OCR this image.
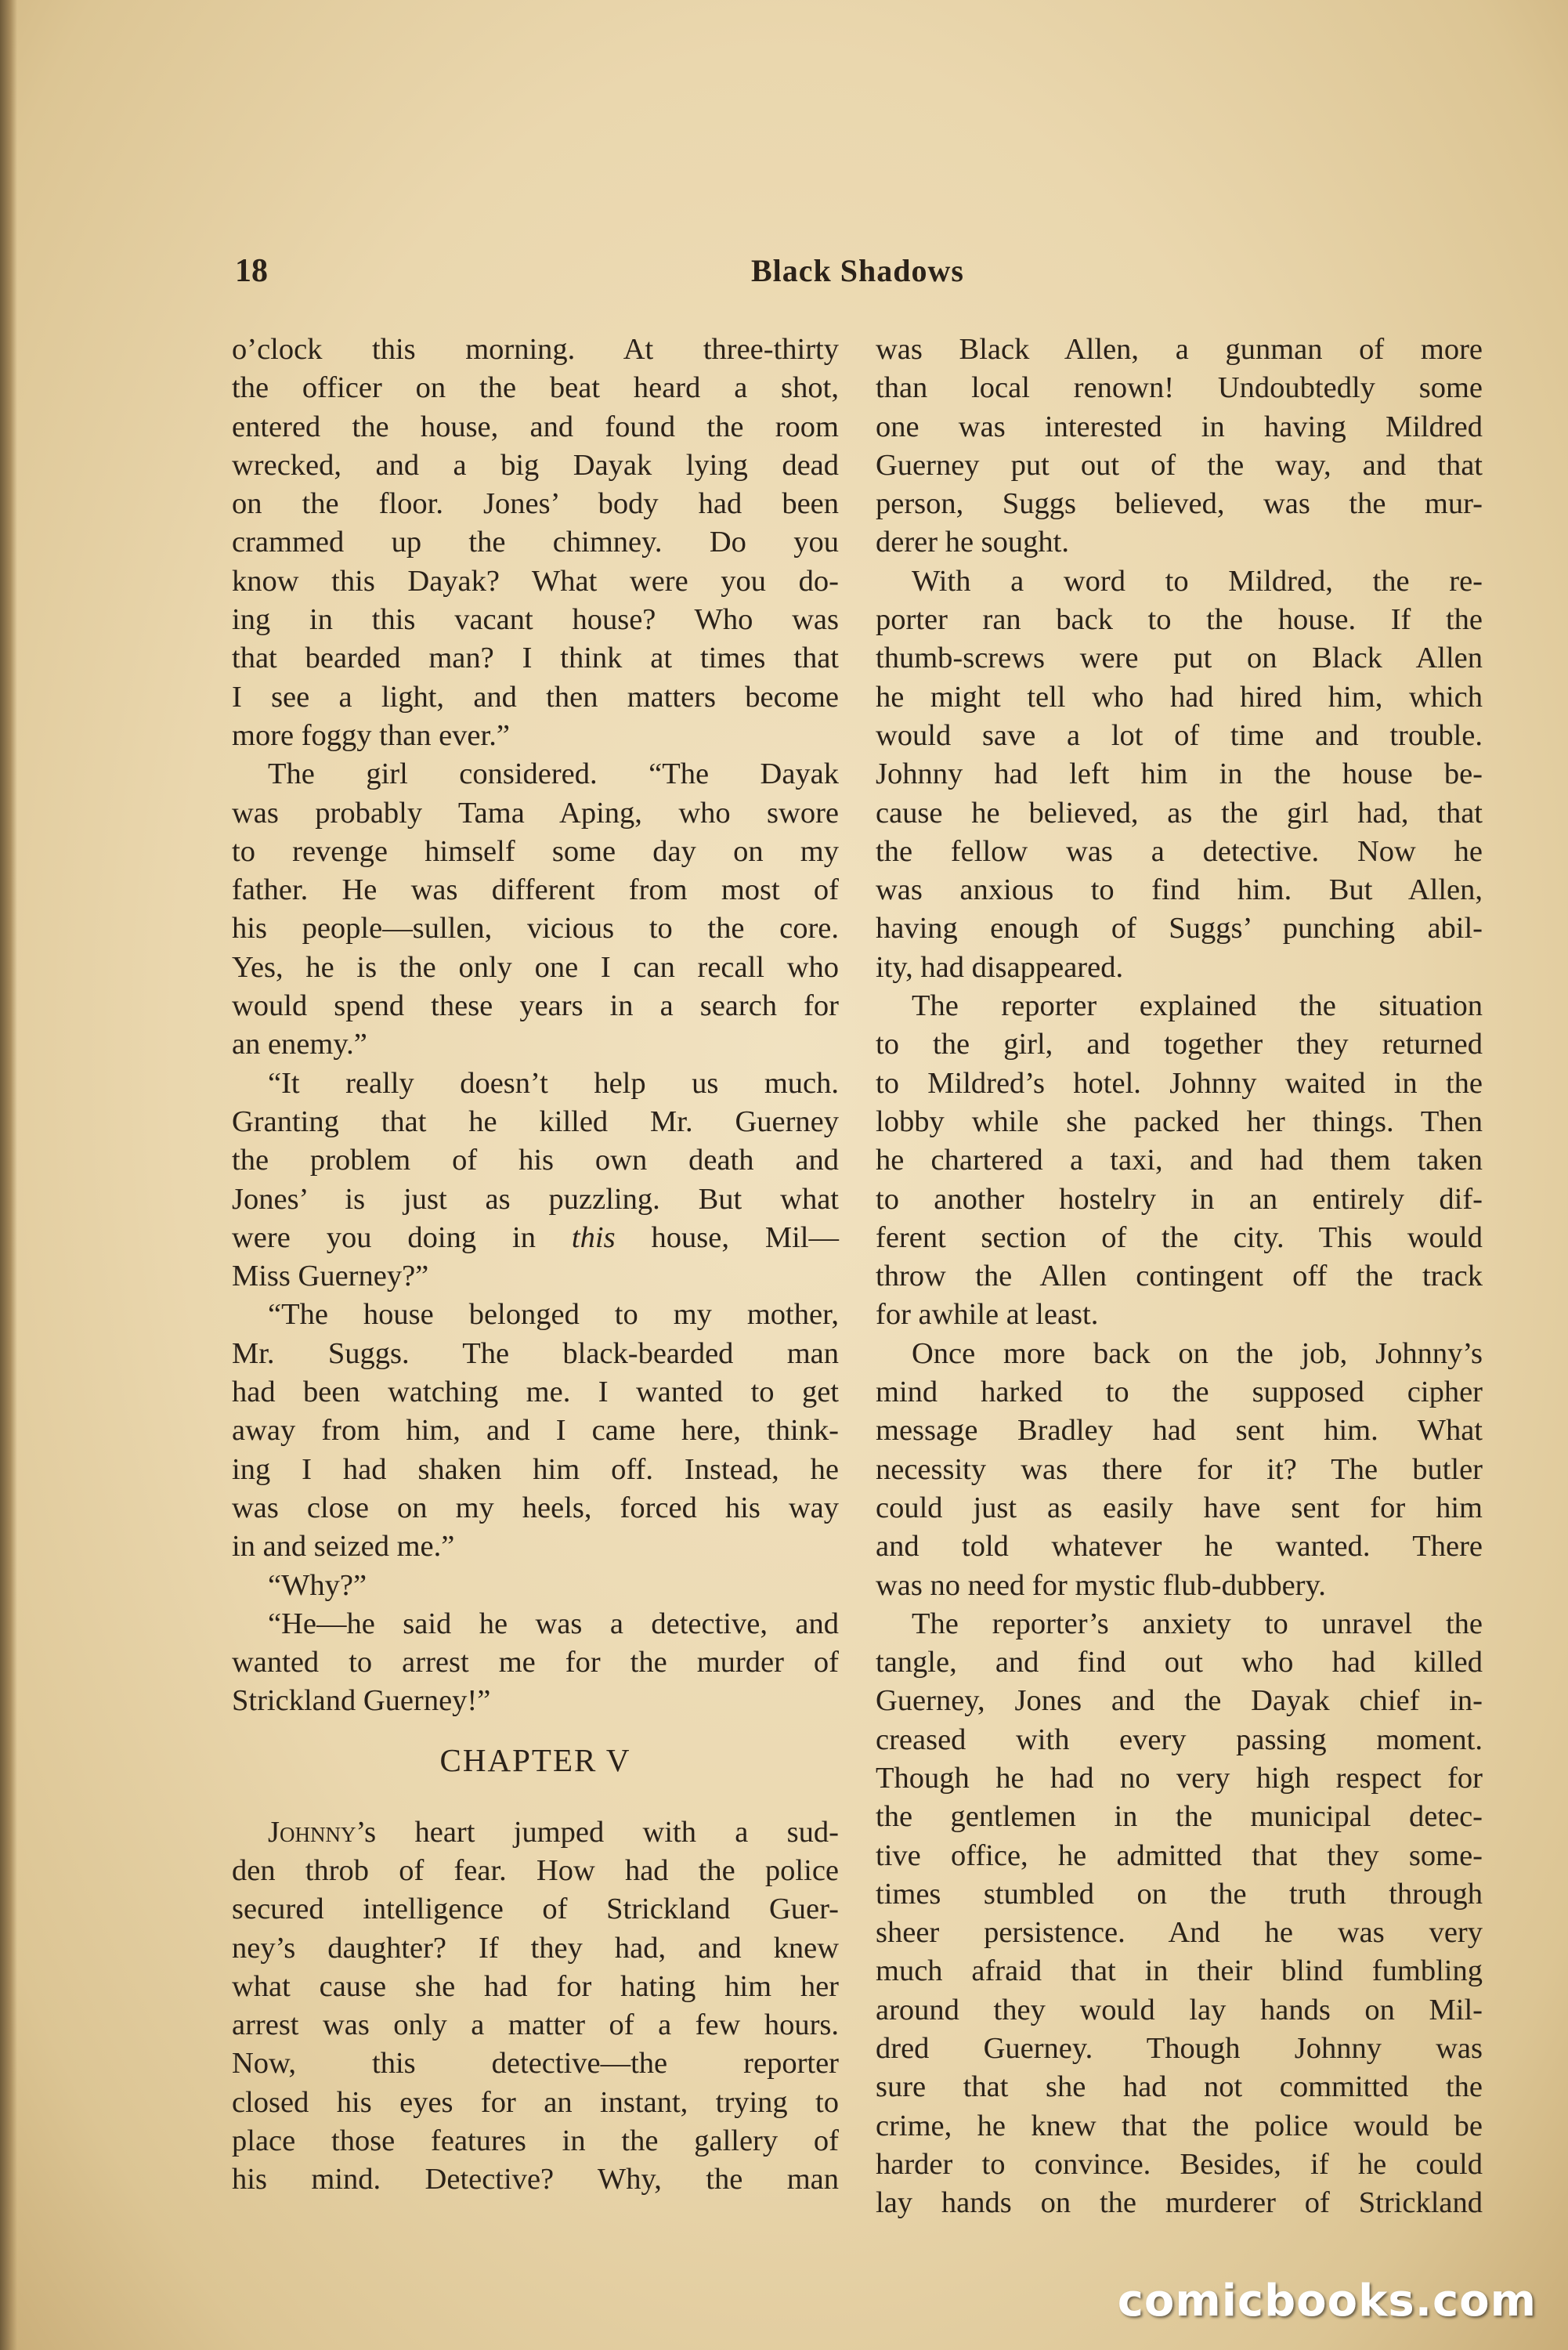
18	Black Shadows
o’clock this morning. At three-thirty
the officer on the beat heard a shot,
entered the house, and found the room
wrecked, and a big Dayak lying dead
on the floor. Jones’ body had been
crammed up the chimney. Do you
know this Dayak? What were you do-
ing in this vacant house? Who was
that bearded man? I think at times that
I see a light, and then matters become
more foggy than ever.”
The girl considered. “The Dayak
was probably Tama Aping, who swore
to revenge himself some day on my
father. He was different from most of
his people—sullen, vicious to the core.
Yes, he is the only one I can recall who
would spend these years in a search for
an enemy.”
“It really doesn’t help us much.
Granting that he killed Mr. Guerney
the problem of his own death and
Jones’ is just as puzzling. But what
were you doing in this house, Mil—
Miss Guerney?”
“The house belonged to my mother,
Mr. Suggs. The black-bearded man
had been watching me. I wanted to get
away from him, and I came here, think-
ing I had shaken him off. Instead, he
was close on my heels, forced his way
in and seized me.”
“Why?”
“He—he said he was a detective, and
wanted to arrest me for the murder of
Strickland Guerney!”
CHAPTER V
Johnny’s heart jumped with a sud-
den throb of fear. How had the police
secured intelligence of Strickland Guer-
ney’s daughter? If they had, and knew
what cause she had for hating him her
arrest was only a matter of a few hours.
Now, this detective—the reporter
closed his eyes for an instant, trying to
place those features in the gallery of
his mind. Detective? Why, the man
was Black Allen, a gunman of more
than local renown! Undoubtedly some
one was interested in having Mildred
Guerney put out of the way, and that
person, Suggs believed, was the mur-
derer he sought.
With a word to Mildred, the re-
porter ran back to the house. If the
thumb-screws were put on Black Allen
he might tell who had hired him, which
would save a lot of time and trouble.
Johnny had left him in the house be-
cause he believed, as the girl had, that
the fellow was a detective. Now he
was anxious to find him. But Allen,
having enough of Suggs’ punching abil-
ity, had disappeared.
The reporter explained the situation
to the girl, and together they returned
to Mildred’s hotel. Johnny waited in the
lobby while she packed her things. Then
he chartered a taxi, and had them taken
to another hostelry in an entirely dif-
ferent section of the city. This would
throw the Allen contingent off the track
for awhile at least.
Once more back on the job, Johnny’s
mind harked to the supposed cipher
message Bradley had sent him. What
necessity was there for it? The butler
could just as easily have sent for him
and told whatever he wanted. There
was no need for mystic flub-dubbery.
The reporter’s anxiety to unravel the
tangle, and find out who had killed
Guerney, Jones and the Dayak chief in-
creased with every passing moment.
Though he had no very high respect for
the gentlemen in the municipal detec-
tive office, he admitted that they some-
times stumbled on the truth through
sheer persistence. And he was very
much afraid that in their blind fumbling
around they would lay hands on Mil-
dred Guerney. Though Johnny was
sure that she had not committed the
crime, he knew that the police would be
harder to convince. Besides, if he could
lay hands on the murderer of Strickland
comicbooks.com
